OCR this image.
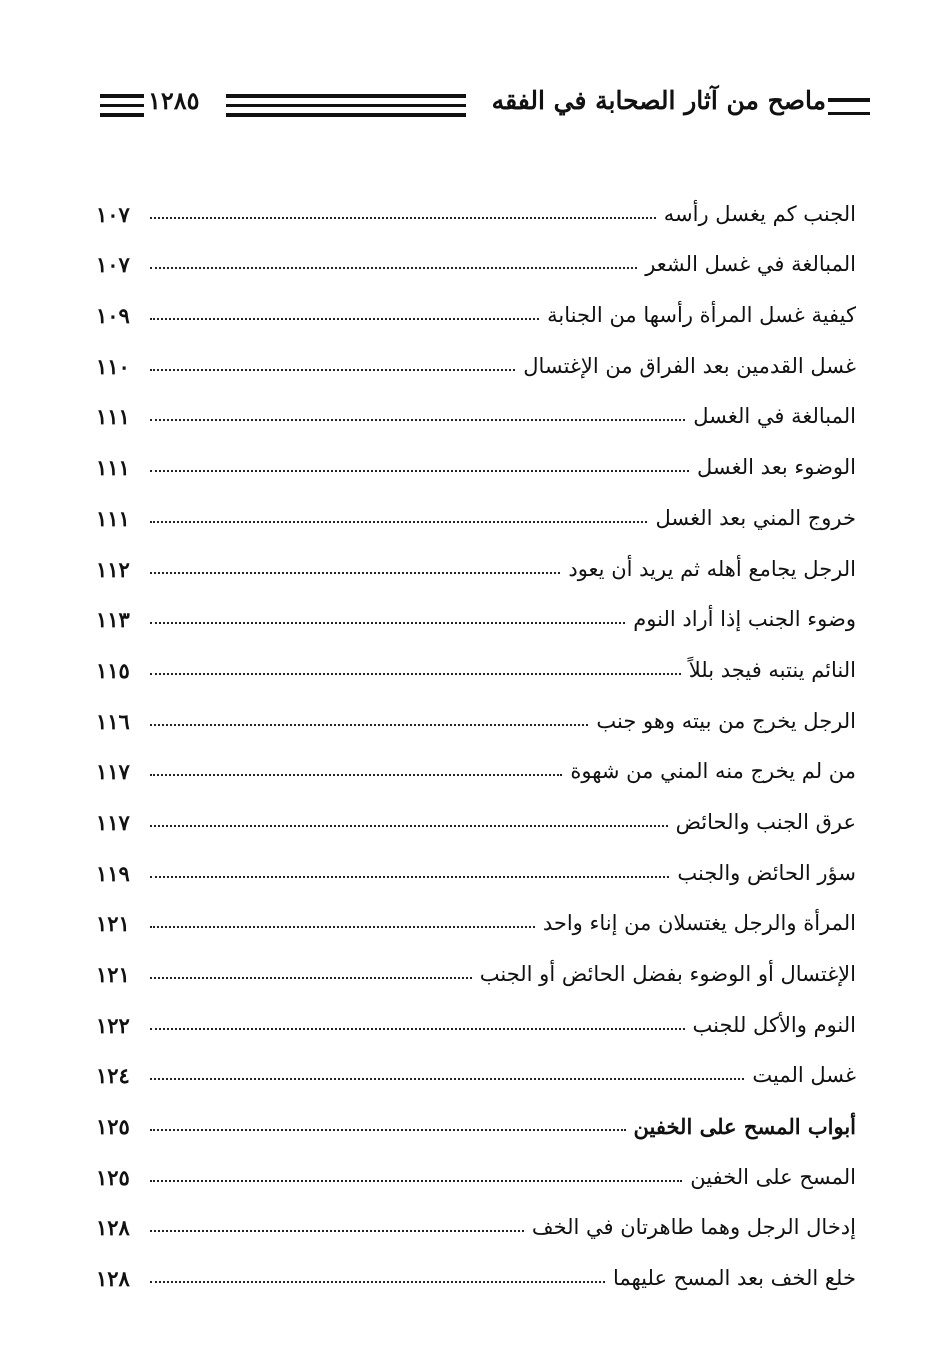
ماصح من آثار الصحابة في الفقه
١٢٨٥
الجنب كم يغسل رأسه
١٠٧
المبالغة في غسل الشعر
١٠٧
كيفية غسل المرأة رأسها من الجنابة
١٠٩
غسل القدمين بعد الفراق من الإغتسال
١١٠
المبالغة في الغسل
١١١
الوضوء بعد الغسل
١١١
خروج المني بعد الغسل
١١١
الرجل يجامع أهله ثم يريد أن يعود
١١٢
وضوء الجنب إذا أراد النوم
١١٣
النائم ينتبه فيجد بللاً
١١٥
الرجل يخرج من بيته وهو جنب
١١٦
من لم يخرج منه المني من شهوة
١١٧
عرق الجنب والحائض
١١٧
سؤر الحائض والجنب
١١٩
المرأة والرجل يغتسلان من إناء واحد
١٢١
الإغتسال أو الوضوء بفضل الحائض أو الجنب
١٢١
النوم والأكل للجنب
١٢٢
غسل الميت
١٢٤
أبواب المسح على الخفين
١٢٥
المسح على الخفين
١٢٥
إدخال الرجل وهما طاهرتان في الخف
١٢٨
خلع الخف بعد المسح عليهما
١٢٨
